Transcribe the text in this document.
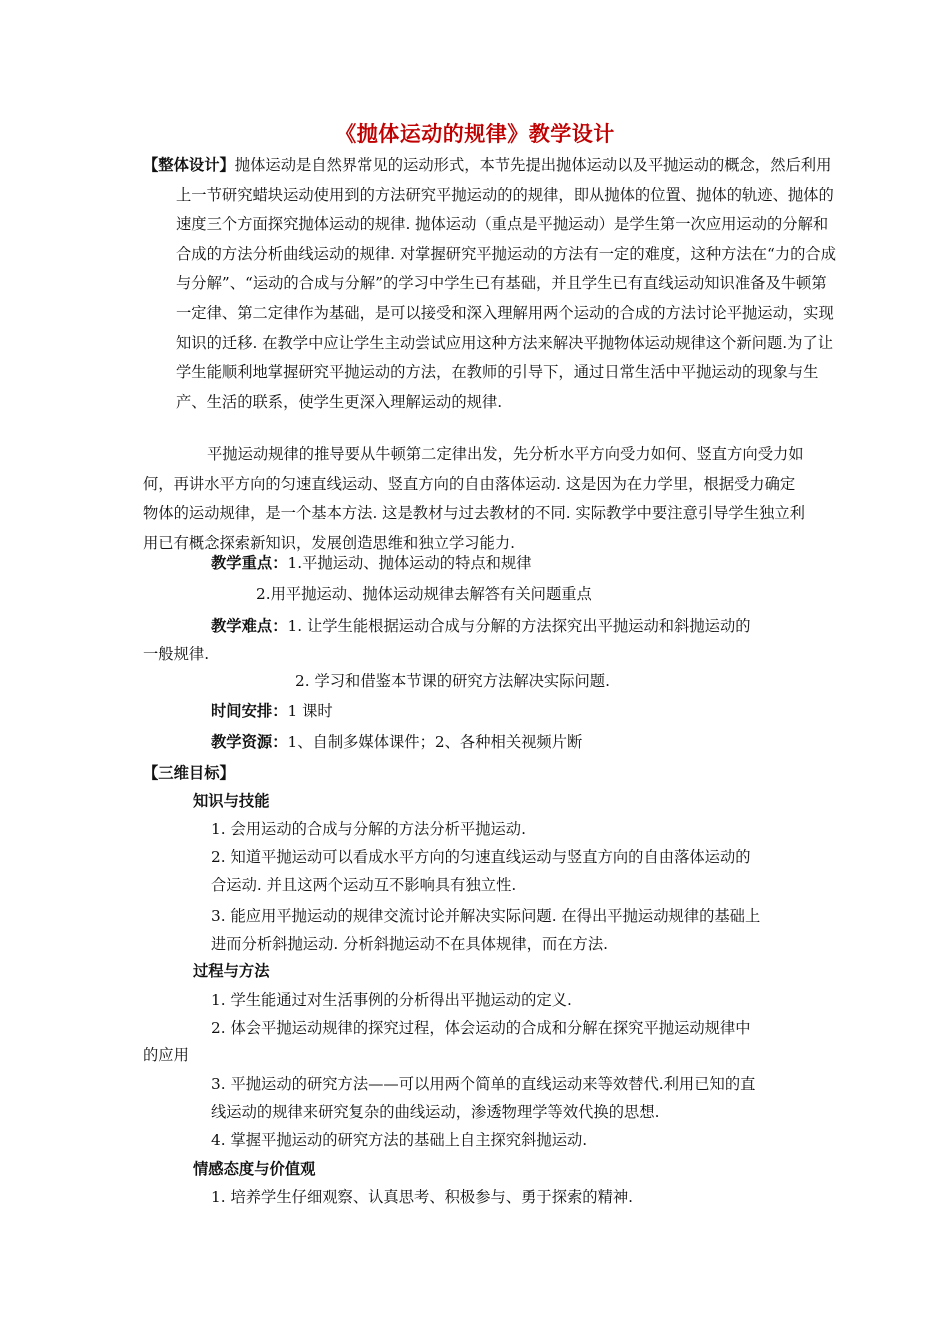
《抛体运动的规律》教学设计
【整体设计】抛体运动是自然界常见的运动形式，本节先提出抛体运动以及平抛运动的概念，然后利用上一节研究蜡块运动使用到的方法研究平抛运动的的规律，即从抛体的位置、抛体的轨迹、抛体的速度三个方面探究抛体运动的规律. 抛体运动（重点是平抛运动）是学生第一次应用运动的分解和合成的方法分析曲线运动的规律. 对掌握研究平抛运动的方法有一定的难度，这种方法在“力的合成与分解”、“运动的合成与分解”的学习中学生已有基础，并且学生已有直线运动知识准备及牛顿第一定律、第二定律作为基础，是可以接受和深入理解用两个运动的合成的方法讨论平抛运动，实现知识的迁移. 在教学中应让学生主动尝试应用这种方法来解决平抛物体运动规律这个新问题.为了让学生能顺利地掌握研究平抛运动的方法，在教师的引导下，通过日常生活中平抛运动的现象与生产、生活的联系，使学生更深入理解运动的规律.
平抛运动规律的推导要从牛顿第二定律出发，先分析水平方向受力如何、竖直方向受力如何，再讲水平方向的匀速直线运动、竖直方向的自由落体运动. 这是因为在力学里，根据受力确定物体的运动规律，是一个基本方法. 这是教材与过去教材的不同. 实际教学中要注意引导学生独立利用已有概念探索新知识，发展创造思维和独立学习能力.
教学重点：1.平抛运动、抛体运动的特点和规律
2.用平抛运动、抛体运动规律去解答有关问题重点
教学难点：1. 让学生能根据运动合成与分解的方法探究出平抛运动和斜抛运动的
一般规律.
2. 学习和借鉴本节课的研究方法解决实际问题.
时间安排：1 课时
教学资源：1、自制多媒体课件；2、各种相关视频片断
【三维目标】
知识与技能
1. 会用运动的合成与分解的方法分析平抛运动.
2. 知道平抛运动可以看成水平方向的匀速直线运动与竖直方向的自由落体运动的
合运动. 并且这两个运动互不影响具有独立性.
3. 能应用平抛运动的规律交流讨论并解决实际问题. 在得出平抛运动规律的基础上
进而分析斜抛运动. 分析斜抛运动不在具体规律，而在方法.
过程与方法
1. 学生能通过对生活事例的分析得出平抛运动的定义.
2. 体会平抛运动规律的探究过程，体会运动的合成和分解在探究平抛运动规律中
的应用
3. 平抛运动的研究方法——可以用两个简单的直线运动来等效替代.利用已知的直
线运动的规律来研究复杂的曲线运动，渗透物理学等效代换的思想.
4. 掌握平抛运动的研究方法的基础上自主探究斜抛运动.
情感态度与价值观
1. 培养学生仔细观察、认真思考、积极参与、勇于探索的精神.
